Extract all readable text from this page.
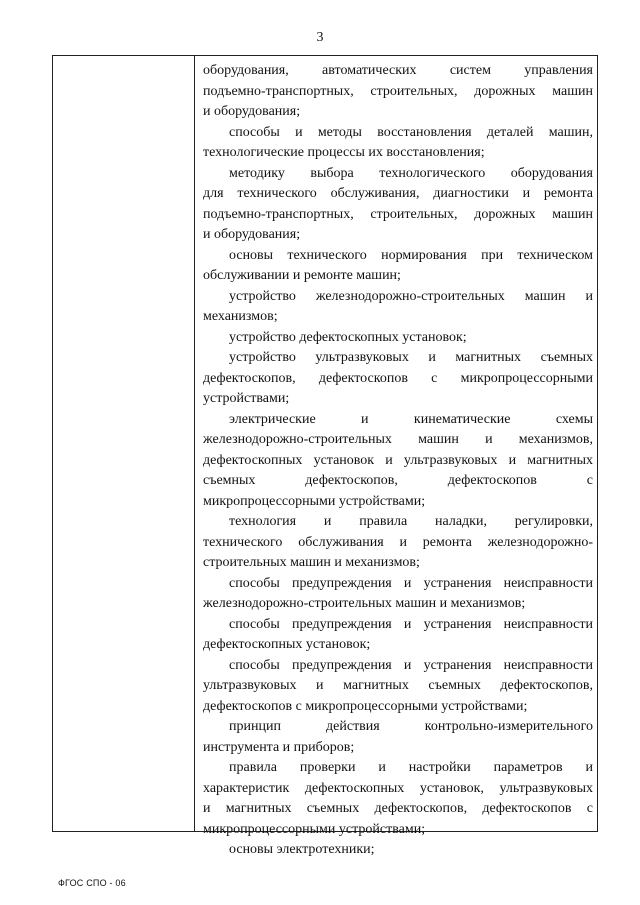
3
оборудования, автоматических систем управления
подъемно-транспортных, строительных, дорожных машин
и оборудования;
способы и методы восстановления деталей машин,
технологические процессы их восстановления;
методику выбора технологического оборудования
для технического обслуживания, диагностики и ремонта
подъемно-транспортных, строительных, дорожных машин
и оборудования;
основы технического нормирования при техническом
обслуживании и ремонте машин;
устройство железнодорожно-строительных машин и
механизмов;
устройство дефектоскопных установок;
устройство ультразвуковых и магнитных съемных
дефектоскопов, дефектоскопов с микропроцессорными
устройствами;
электрические и кинематические схемы
железнодорожно-строительных машин и механизмов,
дефектоскопных установок и ультразвуковых и магнитных
съемных дефектоскопов, дефектоскопов с
микропроцессорными устройствами;
технология и правила наладки, регулировки,
технического обслуживания и ремонта железнодорожно-
строительных машин и механизмов;
способы предупреждения и устранения неисправности
железнодорожно-строительных машин и механизмов;
способы предупреждения и устранения неисправности
дефектоскопных установок;
способы предупреждения и устранения неисправности
ультразвуковых и магнитных съемных дефектоскопов,
дефектоскопов с микропроцессорными устройствами;
принцип действия контрольно-измерительного
инструмента и приборов;
правила проверки и настройки параметров и
характеристик дефектоскопных установок, ультразвуковых
и магнитных съемных дефектоскопов, дефектоскопов с
микропроцессорными устройствами;
основы электротехники;
ФГОС СПО - 06
